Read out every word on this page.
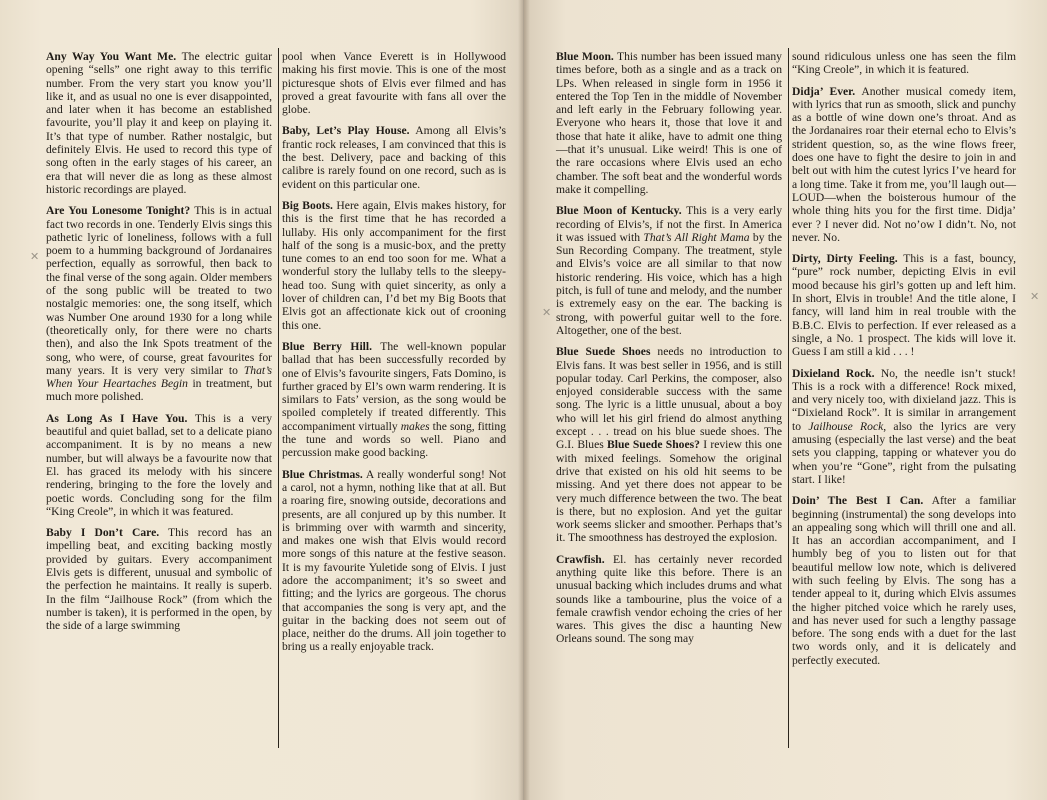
Any Way You Want Me. The electric guitar opening “sells” one right away to this terrific number. From the very start you know you’ll like it, and as usual no one is ever disappointed, and later when it has become an established favourite, you’ll play it and keep on playing it. It’s that type of number. Rather nostalgic, but definitely Elvis. He used to record this type of song often in the early stages of his career, an era that will never die as long as these almost historic recordings are played.

Are You Lonesome Tonight? This is in actual fact two records in one. Tenderly Elvis sings this pathetic lyric of loneliness, follows with a full poem to a humming background of Jordanaires perfection, equally as sorrowful, then back to the final verse of the song again. Older members of the song public will be treated to two nostalgic memories: one, the song itself, which was Number One around 1930 for a long while (theoretically only, for there were no charts then), and also the Ink Spots treatment of the song, who were, of course, great favourites for many years. It is very very similar to That’s When Your Heartaches Begin in treatment, but much more polished.

As Long As I Have You. This is a very beautiful and quiet ballad, set to a delicate piano accompaniment. It is by no means a new number, but will always be a favourite now that El. has graced its melody with his sincere rendering, bringing to the fore the lovely and poetic words. Concluding song for the film “King Creole”, in which it was featured.

Baby I Don’t Care. This record has an impelling beat, and exciting backing mostly provided by guitars. Every accompaniment Elvis gets is different, unusual and symbolic of the perfection he maintains. It really is superb. In the film “Jailhouse Rock” (from which the number is taken), it is performed in the open, by the side of a large swimming

pool when Vance Everett is in Hollywood making his first movie. This is one of the most picturesque shots of Elvis ever filmed and has proved a great favourite with fans all over the globe.

Baby, Let’s Play House. Among all Elvis’s frantic rock releases, I am convinced that this is the best. Delivery, pace and backing of this calibre is rarely found on one record, such as is evident on this particular one.

Big Boots. Here again, Elvis makes history, for this is the first time that he has recorded a lullaby. His only accompaniment for the first half of the song is a music-box, and the pretty tune comes to an end too soon for me. What a wonderful story the lullaby tells to the sleepy-head too. Sung with quiet sincerity, as only a lover of children can, I’d bet my Big Boots that Elvis got an affectionate kick out of crooning this one.

Blue Berry Hill. The well-known popular ballad that has been successfully recorded by one of Elvis’s favourite singers, Fats Domino, is further graced by El’s own warm rendering. It is similars to Fats’ version, as the song would be spoiled completely if treated differently. This accompaniment virtually makes the song, fitting the tune and words so well. Piano and percussion make good backing.

Blue Christmas. A really wonderful song! Not a carol, not a hymn, nothing like that at all. But a roaring fire, snowing outside, decorations and presents, are all conjured up by this number. It is brimming over with warmth and sincerity, and makes one wish that Elvis would record more songs of this nature at the festive season. It is my favourite Yuletide song of Elvis. I just adore the accompaniment; it’s so sweet and fitting; and the lyrics are gorgeous. The chorus that accompanies the song is very apt, and the guitar in the backing does not seem out of place, neither do the drums. All join together to bring us a really enjoyable track.

✕

Blue Moon. This number has been issued many times before, both as a single and as a track on LPs. When released in single form in 1956 it entered the Top Ten in the middle of November and left early in the February following year. Everyone who hears it, those that love it and those that hate it alike, have to admit one thing—that it’s unusual. Like weird! This is one of the rare occasions where Elvis used an echo chamber. The soft beat and the wonderful words make it compelling.

Blue Moon of Kentucky. This is a very early recording of Elvis’s, if not the first. In America it was issued with That’s All Right Mama by the Sun Recording Company. The treatment, style and Elvis’s voice are all similar to that now historic rendering. His voice, which has a high pitch, is full of tune and melody, and the number is extremely easy on the ear. The backing is strong, with powerful guitar well to the fore. Altogether, one of the best.

Blue Suede Shoes needs no introduction to Elvis fans. It was best seller in 1956, and is still popular today. Carl Perkins, the composer, also enjoyed considerable success with the same song. The lyric is a little unusual, about a boy who will let his girl friend do almost anything except . . . tread on his blue suede shoes. The G.I. Blues Blue Suede Shoes? I review this one with mixed feelings. Somehow the original drive that existed on his old hit seems to be missing. And yet there does not appear to be very much difference between the two. The beat is there, but no explosion. And yet the guitar work seems slicker and smoother. Perhaps that’s it. The smoothness has destroyed the explosion.

Crawfish. El. has certainly never recorded anything quite like this before. There is an unusual backing which includes drums and what sounds like a tambourine, plus the voice of a female crawfish vendor echoing the cries of her wares. This gives the disc a haunting New Orleans sound. The song may

sound ridiculous unless one has seen the film “King Creole”, in which it is featured.

Didja’ Ever. Another musical comedy item, with lyrics that run as smooth, slick and punchy as a bottle of wine down one’s throat. And as the Jordanaires roar their eternal echo to Elvis’s strident question, so, as the wine flows freer, does one have to fight the desire to join in and belt out with him the cutest lyrics I’ve heard for a long time. Take it from me, you’ll laugh out—LOUD—when the boisterous humour of the whole thing hits you for the first time. Didja’ ever ? I never did. Not no’ow I didn’t. No, not never. No.

Dirty, Dirty Feeling. This is a fast, bouncy, “pure” rock number, depicting Elvis in evil mood because his girl’s gotten up and left him. In short, Elvis in trouble! And the title alone, I fancy, will land him in real trouble with the B.B.C. Elvis to perfection. If ever released as a single, a No. 1 prospect. The kids will love it. Guess I am still a kid . . . !

Dixieland Rock. No, the needle isn’t stuck! This is a rock with a difference! Rock mixed, and very nicely too, with dixieland jazz. This is “Dixieland Rock”. It is similar in arrangement to Jailhouse Rock, also the lyrics are very amusing (especially the last verse) and the beat sets you clapping, tapping or whatever you do when you’re “Gone”, right from the pulsating start. I like!

Doin’ The Best I Can. After a familiar beginning (instrumental) the song develops into an appealing song which will thrill one and all. It has an accordian accompaniment, and I humbly beg of you to listen out for that beautiful mellow low note, which is delivered with such feeling by Elvis. The song has a tender appeal to it, during which Elvis assumes the higher pitched voice which he rarely uses, and has never used for such a lengthy passage before. The song ends with a duet for the last two words only, and it is delicately and perfectly executed.

✕
✕
